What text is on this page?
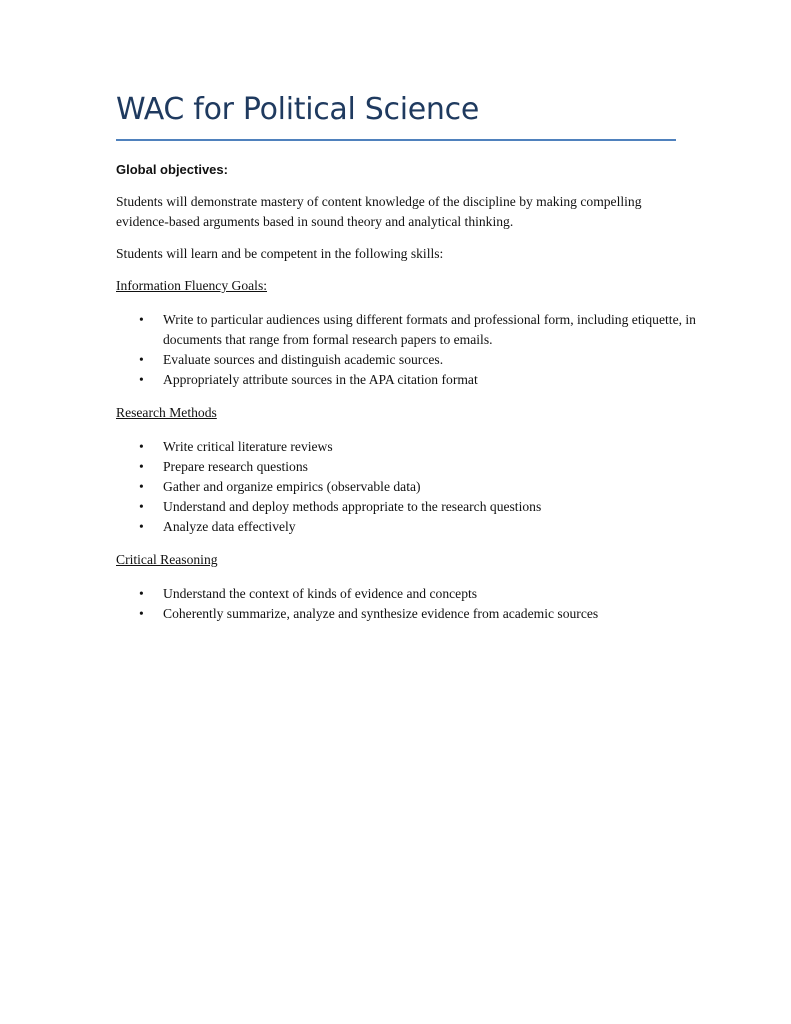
WAC for Political Science

Global objectives:

Students will demonstrate mastery of content knowledge of the discipline by making compelling evidence-based arguments based in sound theory and analytical thinking.

Students will learn and be competent in the following skills:

Information Fluency Goals:

• Write to particular audiences using different formats and professional form, including etiquette, in documents that range from formal research papers to emails.
• Evaluate sources and distinguish academic sources.
• Appropriately attribute sources in the APA citation format

Research Methods

• Write critical literature reviews
• Prepare research questions
• Gather and organize empirics (observable data)
• Understand and deploy methods appropriate to the research questions
• Analyze data effectively

Critical Reasoning

• Understand the context of kinds of evidence and concepts
• Coherently summarize, analyze and synthesize evidence from academic sources
